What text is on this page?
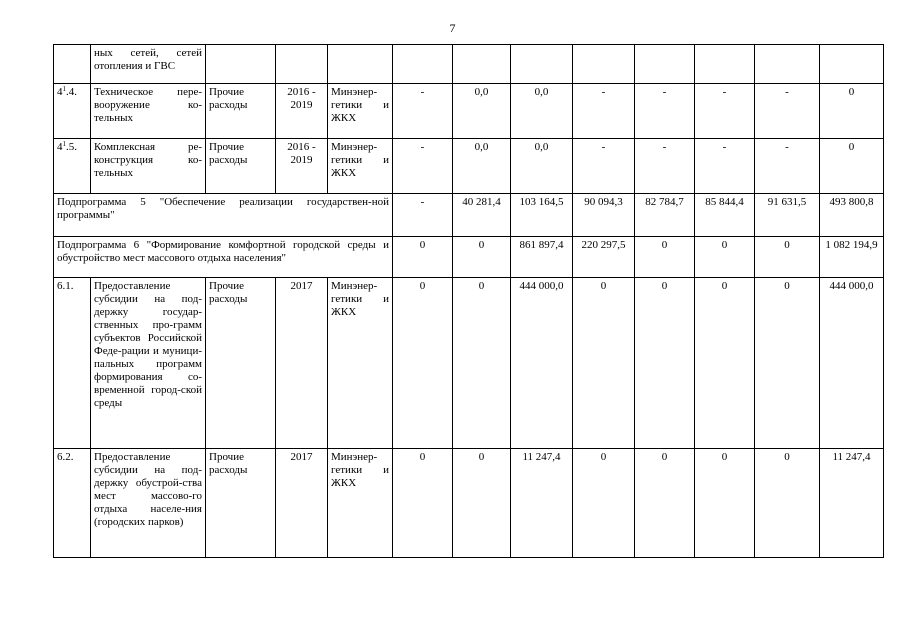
7
	ных сетей, сетей отопления и ГВС											
$4^1.4$.	Техническое пере-вооружение ко-тельных	Прочие расходы	2016 - 2019	Минэнер-гетики и ЖКХ	-	0,0	0,0	-	-	-	-	0
$4^1.5$.	Комплексная ре-конструкция ко-тельных	Прочие расходы	2016 - 2019	Минэнер-гетики и ЖКХ	-	0,0	0,0	-	-	-	-	0
Подпрограмма 5 "Обеспечение реализации государствен-ной программы"					-	40 281,4	103 164,5	90 094,3	82 784,7	85 844,4	91 631,5	493 800,8
Подпрограмма 6 "Формирование комфортной городской среды и обустройство мест массового отдыха населения"					0	0	861 897,4	220 297,5	0	0	0	1 082 194,9
6.1.	Предоставление субсидии на под-держку государ-ственных про-грамм субъектов Российской Феде-рации и муници-пальных программ формирования со-временной город-ской среды	Прочие расходы	2017	Минэнер-гетики и ЖКХ	0	0	444 000,0	0	0	0	0	444 000,0
6.2.	Предоставление субсидии на под-держку обустрой-ства мест массово-го отдыха населе-ния (городских парков)	Прочие расходы	2017	Минэнер-гетики и ЖКХ	0	0	11 247,4	0	0	0	0	11 247,4
